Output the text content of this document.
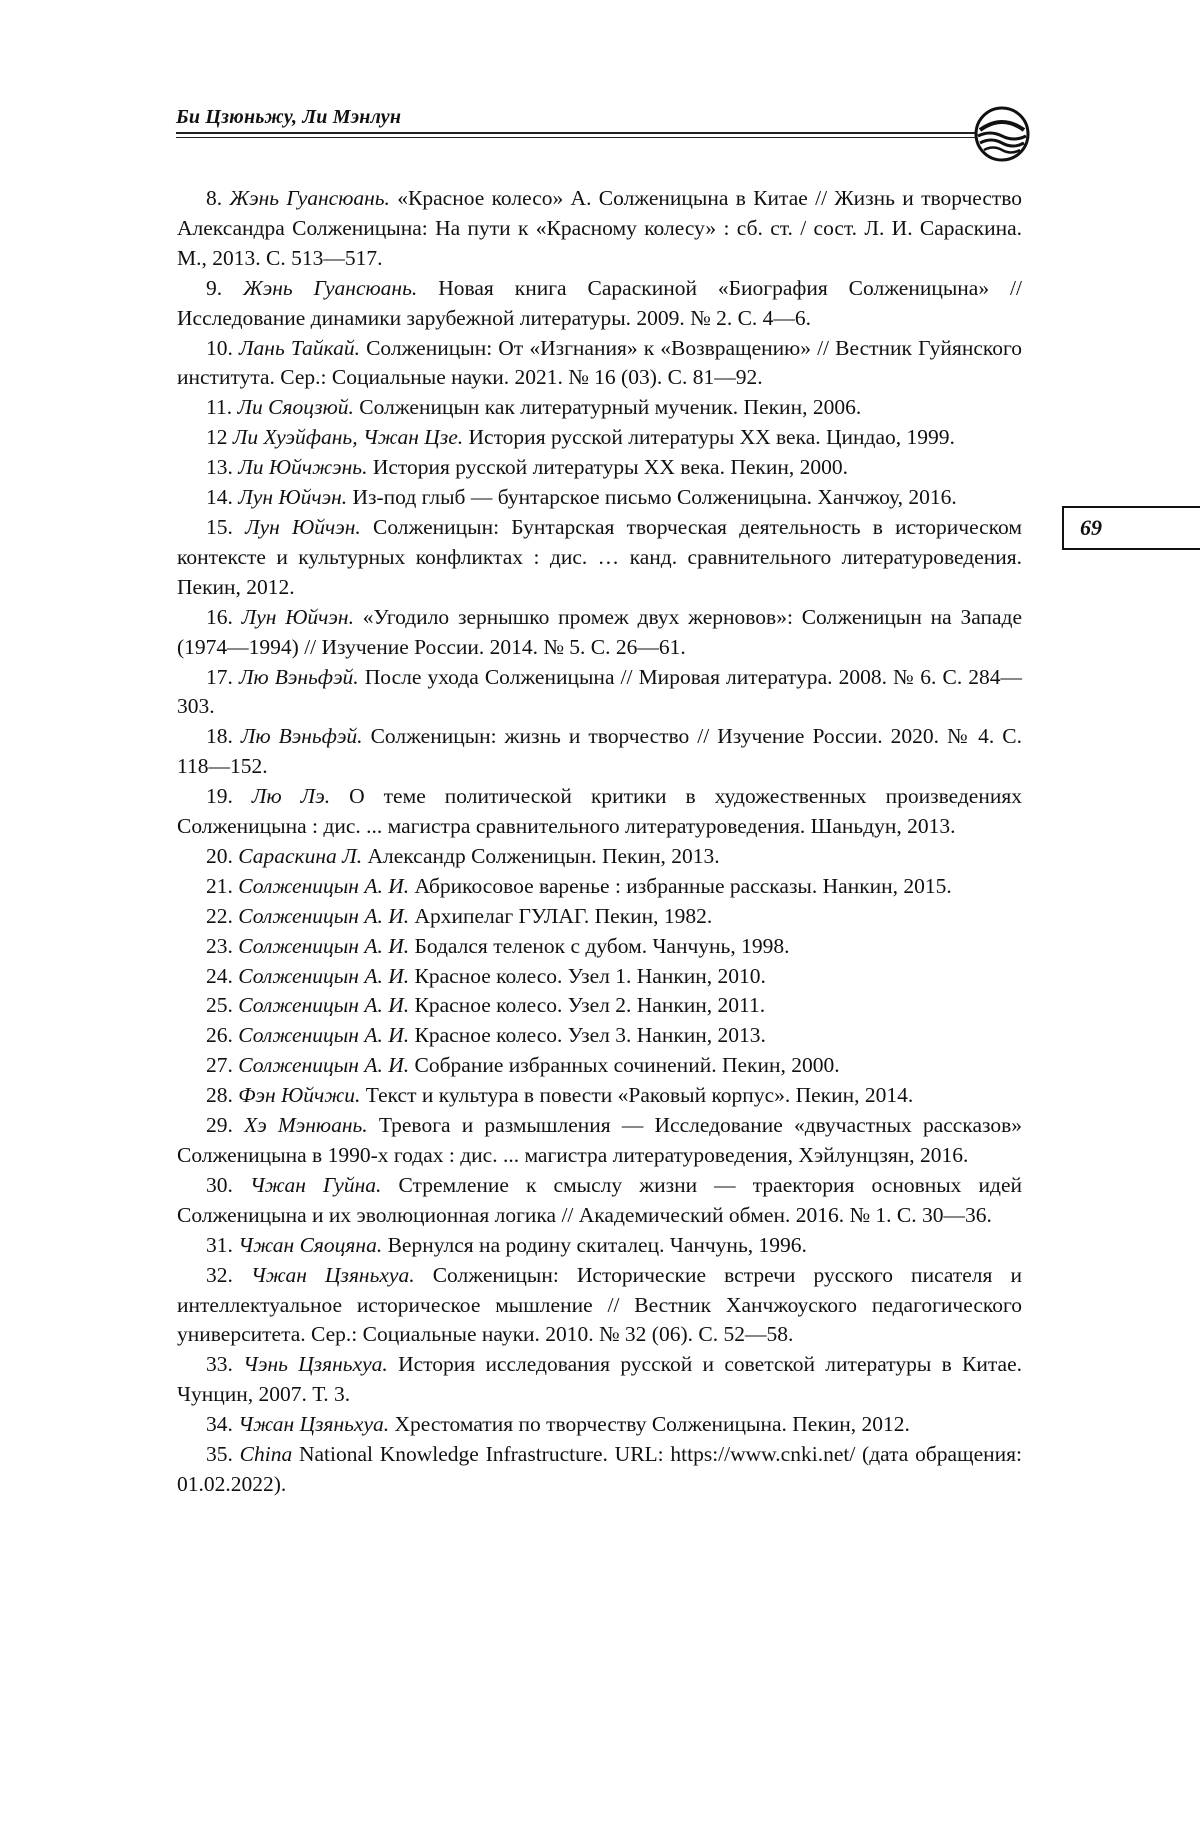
Би Цзюньжу, Ли Мэнлун
69

8. Жэнь Гуансюань. «Красное колесо» А. Солженицына в Китае // Жизнь и творчество Александра Солженицына: На пути к «Красному колесу» : сб. ст. / сост. Л. И. Сараскина. М., 2013. С. 513—517.

9. Жэнь Гуансюань. Новая книга Сараскиной «Биография Солженицына» // Исследование динамики зарубежной литературы. 2009. № 2. С. 4—6.

10. Лань Тайкай. Солженицын: От «Изгнания» к «Возвращению» // Вестник Гуйянского института. Сер.: Социальные науки. 2021. № 16 (03). С. 81—92.

11. Ли Сяоцзюй. Солженицын как литературный мученик. Пекин, 2006.

12 Ли Хуэйфань, Чжан Цзе. История русской литературы XX века. Циндао, 1999.

13. Ли Юйчжэнь. История русской литературы XX века. Пекин, 2000.

14. Лун Юйчэн. Из-под глыб — бунтарское письмо Солженицына. Ханчжоу, 2016.

15. Лун Юйчэн. Солженицын: Бунтарская творческая деятельность в историческом контексте и культурных конфликтах : дис. … канд. сравнительного литературоведения. Пекин, 2012.

16. Лун Юйчэн. «Угодило зернышко промеж двух жерновов»: Солженицын на Западе (1974—1994) // Изучение России. 2014. № 5. С. 26—61.

17. Лю Вэньфэй. После ухода Солженицына // Мировая литература. 2008. № 6. С. 284—303.

18. Лю Вэньфэй. Солженицын: жизнь и творчество // Изучение России. 2020. № 4. С. 118—152.

19. Лю Лэ. О теме политической критики в художественных произведениях Солженицына : дис. ... магистра сравнительного литературоведения. Шаньдун, 2013.

20. Сараскина Л. Александр Солженицын. Пекин, 2013.

21. Солженицын А. И. Абрикосовое варенье : избранные рассказы. Нанкин, 2015.

22. Солженицын А. И. Архипелаг ГУЛАГ. Пекин, 1982.

23. Солженицын А. И. Бодался теленок с дубом. Чанчунь, 1998.

24. Солженицын А. И. Красное колесо. Узел 1. Нанкин, 2010.

25. Солженицын А. И. Красное колесо. Узел 2. Нанкин, 2011.

26. Солженицын А. И. Красное колесо. Узел 3. Нанкин, 2013.

27. Солженицын А. И. Собрание избранных сочинений. Пекин, 2000.

28. Фэн Юйчжи. Текст и культура в повести «Раковый корпус». Пекин, 2014.

29. Хэ Мэнюань. Тревога и размышления — Исследование «двучастных рассказов» Солженицына в 1990-х годах : дис. ... магистра литературоведения, Хэйлунцзян, 2016.

30. Чжан Гуйна. Стремление к смыслу жизни — траектория основных идей Солженицына и их эволюционная логика // Академический обмен. 2016. № 1. С. 30—36.

31. Чжан Сяоцяна. Вернулся на родину скиталец. Чанчунь, 1996.

32. Чжан Цзяньхуа. Солженицын: Исторические встречи русского писателя и интеллектуальное историческое мышление // Вестник Ханчжоуского педагогического университета. Сер.: Социальные науки. 2010. № 32 (06). С. 52—58.

33. Чэнь Цзяньхуа. История исследования русской и советской литературы в Китае. Чунцин, 2007. Т. 3.

34. Чжан Цзяньхуа. Хрестоматия по творчеству Солженицына. Пекин, 2012.

35. China National Knowledge Infrastructure. URL: https://www.cnki.net/ (дата обращения: 01.02.2022).
